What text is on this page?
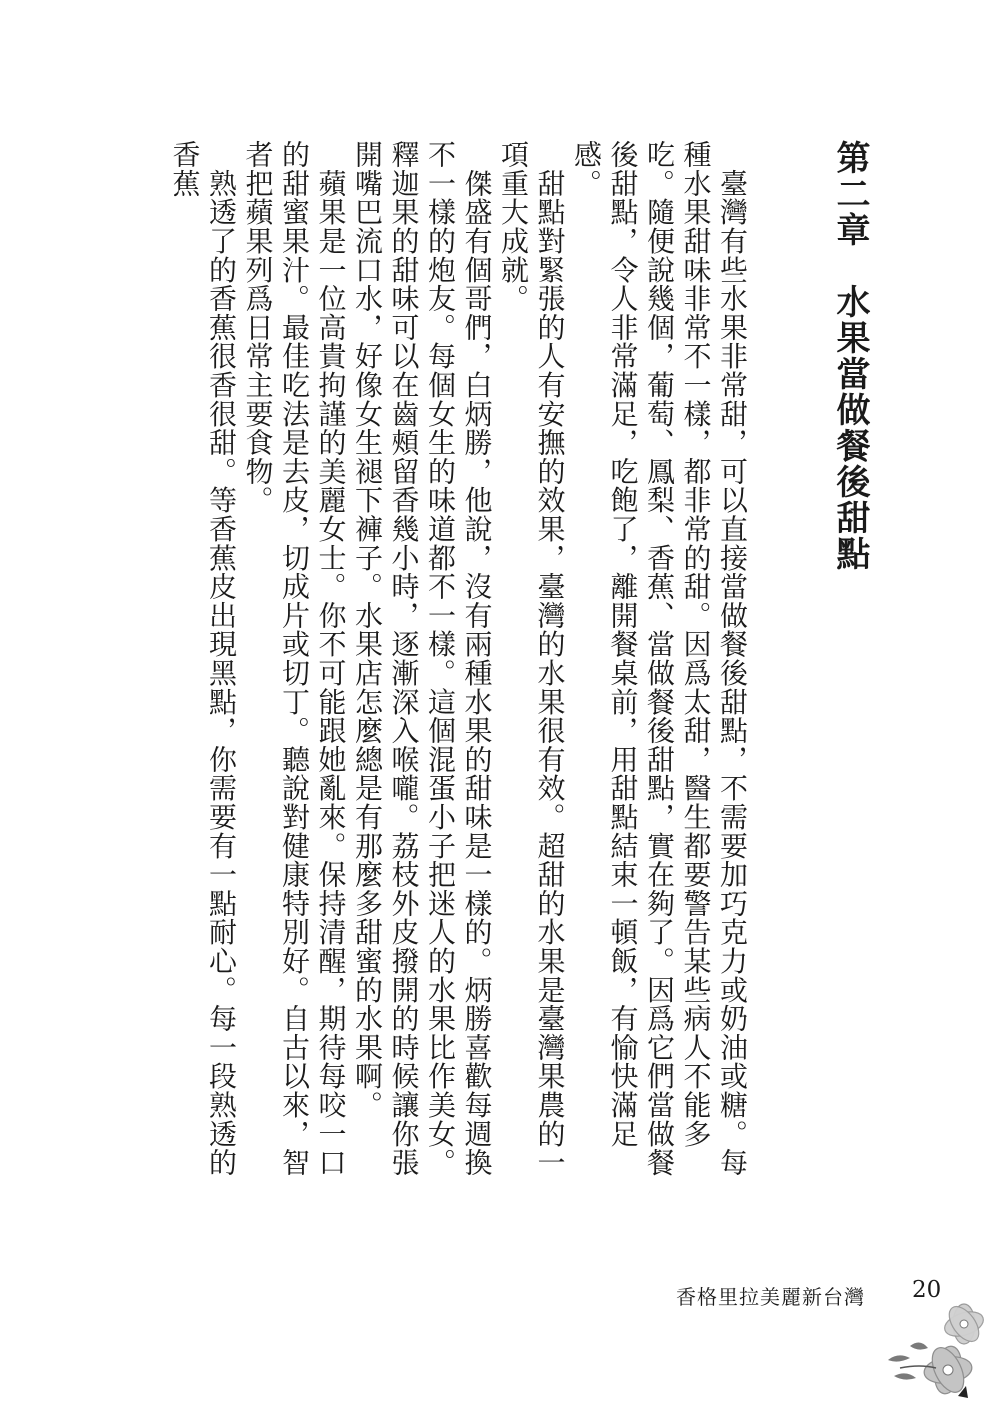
第二章　水果當做餐後甜點

　臺灣有些水果非常甜，可以直接當做餐後甜點，不需要加巧克力或奶油或糖。每種水果甜味非常不一樣，都非常的甜。因爲太甜，醫生都要警告某些病人不能多吃。隨便說幾個，葡萄、鳳梨、香蕉、當做餐後甜點，實在夠了。因爲它們當做餐後甜點，令人非常滿足，吃飽了，離開餐桌前，用甜點結束一頓飯，有愉快滿足感。

　甜點對緊張的人有安撫的效果，臺灣的水果很有效。超甜的水果是臺灣果農的一項重大成就。

　傑盛有個哥們，白炳勝，他說，沒有兩種水果的甜味是一樣的。炳勝喜歡每週換不一樣的炮友。每個女生的味道都不一樣。這個混蛋小子把迷人的水果比作美女。釋迦果的甜味可以在齒頰留香幾小時，逐漸深入喉嚨。荔枝外皮撥開的時候讓你張開嘴巴流口水，好像女生褪下褲子。水果店怎麼總是有那麼多甜蜜的水果啊。

　蘋果是一位高貴拘謹的美麗女士。你不可能跟她亂來。保持清醒，期待每咬一口的甜蜜果汁。最佳吃法是去皮，切成片或切丁。聽說對健康特別好。自古以來，智者把蘋果列爲日常主要食物。

　熟透了的香蕉很香很甜。等香蕉皮出現黑點，你需要有一點耐心。每一段熟透的香蕉

香格里拉美麗新台灣 20
